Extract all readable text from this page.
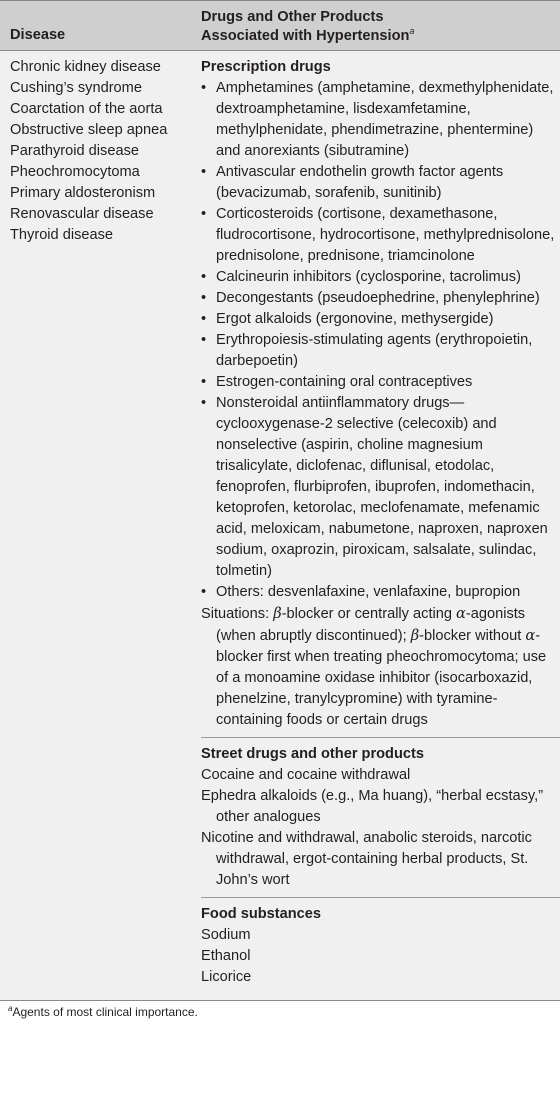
Disease
Drugs and Other Products
Associated with Hypertension$^a$
Chronic kidney disease
Cushing’s syndrome
Coarctation of the aorta
Obstructive sleep apnea
Parathyroid disease
Pheochromocytoma
Primary aldosteronism
Renovascular disease
Thyroid disease
Prescription drugs
• Amphetamines (amphetamine, dexmethylphenidate, dextroamphetamine, lisdexamfetamine, methylphenidate, phendimetrazine, phentermine) and anorexiants (sibutramine)
• Antivascular endothelin growth factor agents (bevacizumab, sorafenib, sunitinib)
• Corticosteroids (cortisone, dexamethasone, fludrocortisone, hydrocortisone, methylprednisolone, prednisolone, prednisone, triamcinolone
• Calcineurin inhibitors (cyclosporine, tacrolimus)
• Decongestants (pseudoephedrine, phenylephrine)
• Ergot alkaloids (ergonovine, methysergide)
• Erythropoiesis-stimulating agents (erythropoietin, darbepoetin)
• Estrogen-containing oral contraceptives
• Nonsteroidal antiinflammatory drugs—cyclooxygenase-2 selective (celecoxib) and nonselective (aspirin, choline magnesium trisalicylate, diclofenac, diflunisal, etodolac, fenoprofen, flurbiprofen, ibuprofen, indomethacin, ketoprofen, ketorolac, meclofenamate, mefenamic acid, meloxicam, nabumetone, naproxen, naproxen sodium, oxaprozin, piroxicam, salsalate, sulindac, tolmetin)
• Others: desvenlafaxine, venlafaxine, bupropion
Situations: β-blocker or centrally acting α-agonists (when abruptly discontinued); β-blocker without α-blocker first when treating pheochromocytoma; use of a monoamine oxidase inhibitor (isocarboxazid, phenelzine, tranylcypromine) with tyramine-containing foods or certain drugs
Street drugs and other products
Cocaine and cocaine withdrawal
Ephedra alkaloids (e.g., Ma huang), “herbal ecstasy,” other analogues
Nicotine and withdrawal, anabolic steroids, narcotic withdrawal, ergot-containing herbal products, St. John’s wort
Food substances
Sodium
Ethanol
Licorice
$^a$Agents of most clinical importance.
